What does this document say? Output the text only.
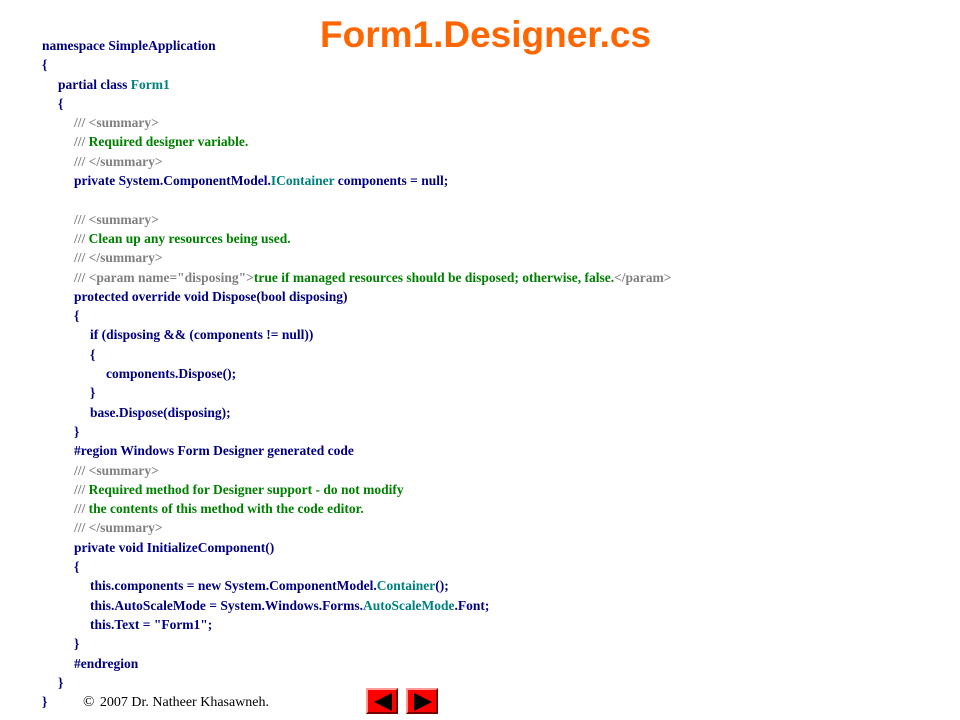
Form1.Designer.cs
namespace SimpleApplication
{
partial class Form1
{
/// <summary>
/// Required designer variable.
/// </summary>
private System.ComponentModel.IContainer components = null;
/// <summary>
/// Clean up any resources being used.
/// </summary>
/// <param name="disposing">true if managed resources should be disposed; otherwise, false.</param>
protected override void Dispose(bool disposing)
{
if (disposing && (components != null))
{
components.Dispose();
}
base.Dispose(disposing);
}
#region Windows Form Designer generated code
/// <summary>
/// Required method for Designer support - do not modify
/// the contents of this method with the code editor.
/// </summary>
private void InitializeComponent()
{
this.components = new System.ComponentModel.Container();
this.AutoScaleMode = System.Windows.Forms.AutoScaleMode.Font;
this.Text = "Form1";
}
#endregion
}
}	© 2007 Dr. Natheer Khasawneh.
